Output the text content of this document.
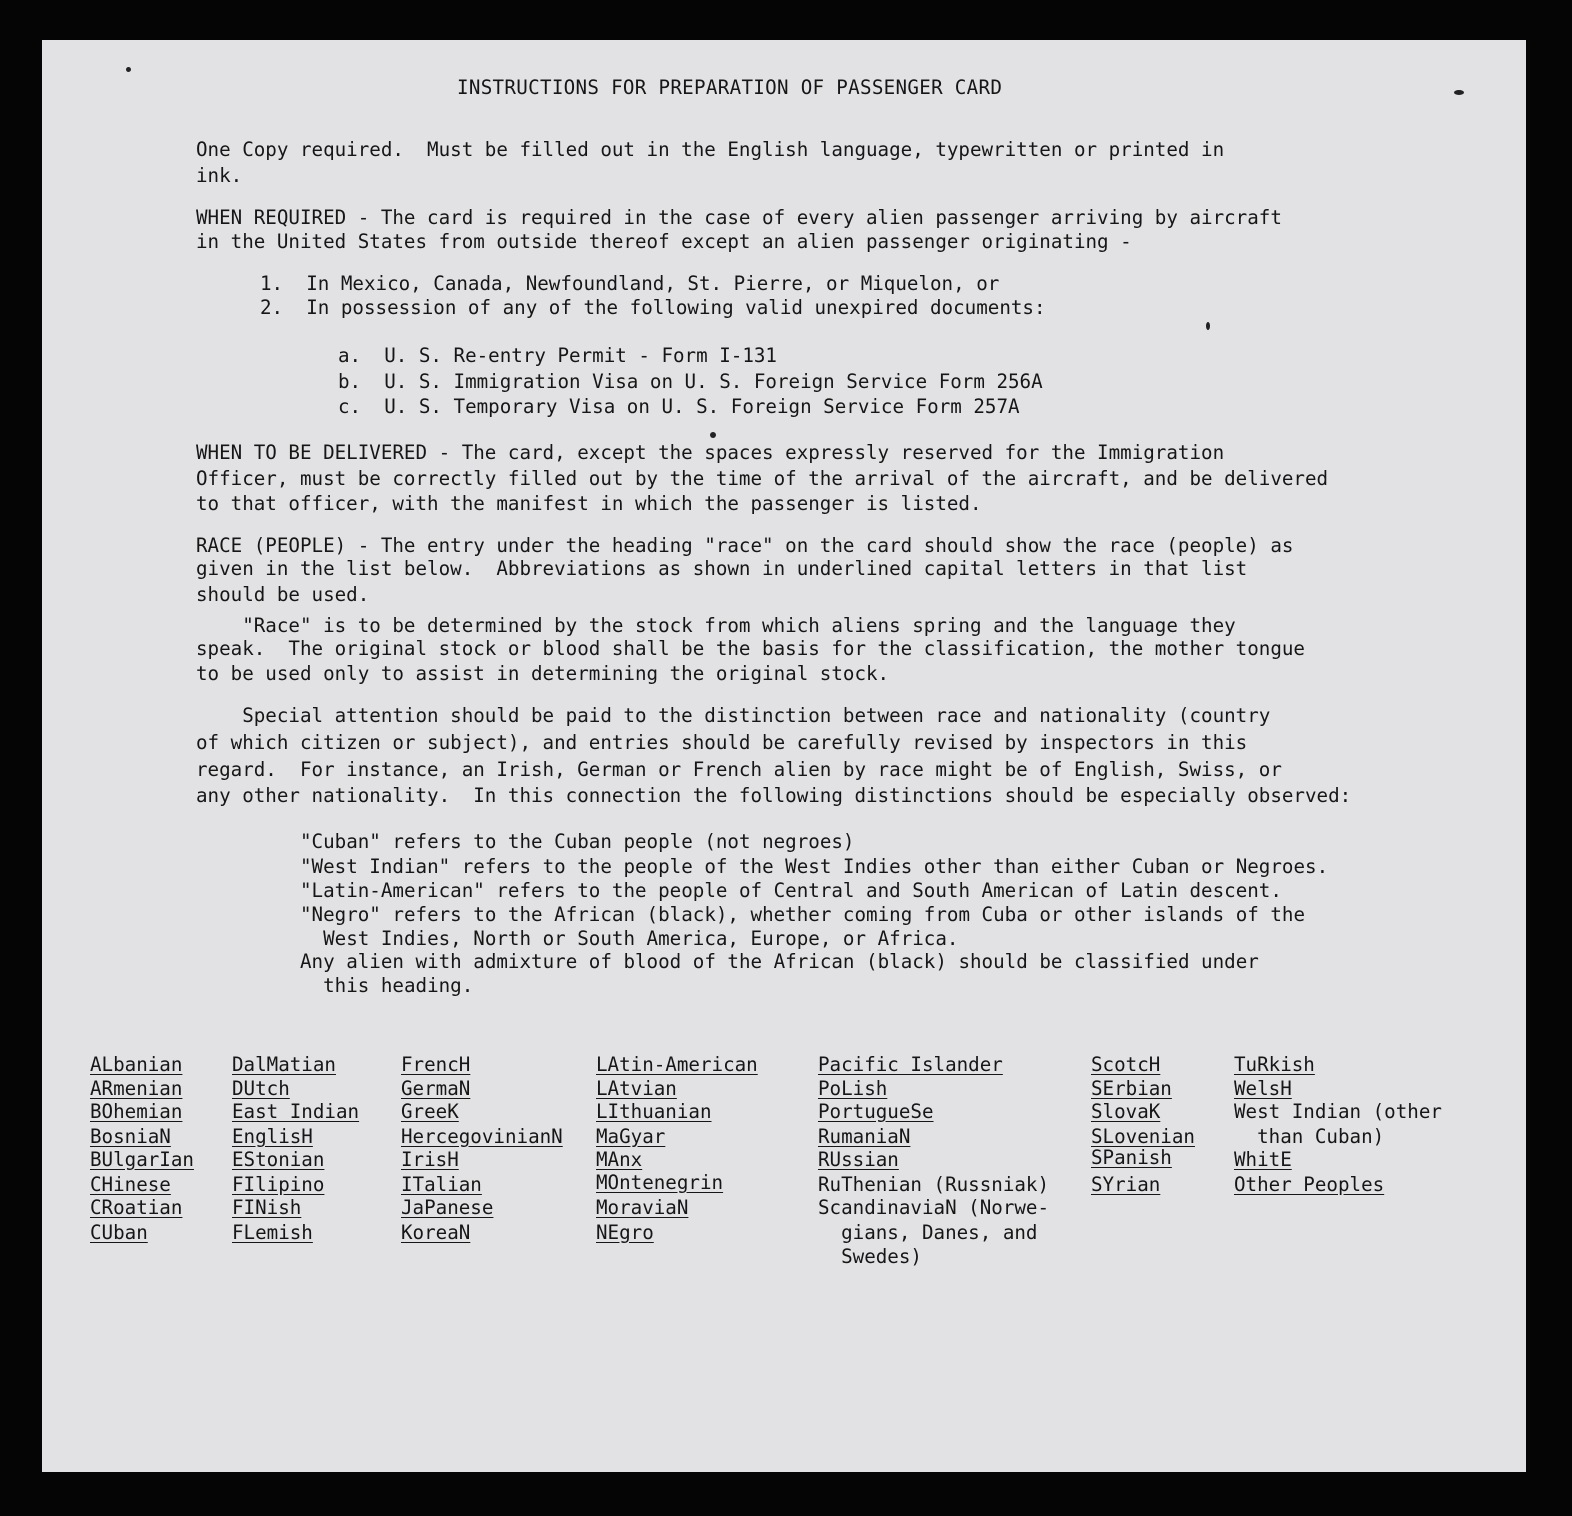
INSTRUCTIONS FOR PREPARATION OF PASSENGER CARD
One Copy required.  Must be filled out in the English language, typewritten or printed in
ink.
WHEN REQUIRED - The card is required in the case of every alien passenger arriving by aircraft
in the United States from outside thereof except an alien passenger originating -
1.  In Mexico, Canada, Newfoundland, St. Pierre, or Miquelon, or
2.  In possession of any of the following valid unexpired documents:
a.  U. S. Re-entry Permit - Form I-131
b.  U. S. Immigration Visa on U. S. Foreign Service Form 256A
c.  U. S. Temporary Visa on U. S. Foreign Service Form 257A
WHEN TO BE DELIVERED - The card, except the spaces expressly reserved for the Immigration
Officer, must be correctly filled out by the time of the arrival of the aircraft, and be delivered
to that officer, with the manifest in which the passenger is listed.
RACE (PEOPLE) - The entry under the heading "race" on the card should show the race (people) as
given in the list below.  Abbreviations as shown in underlined capital letters in that list
should be used.
"Race" is to be determined by the stock from which aliens spring and the language they
speak.  The original stock or blood shall be the basis for the classification, the mother tongue
to be used only to assist in determining the original stock.
Special attention should be paid to the distinction between race and nationality (country
of which citizen or subject), and entries should be carefully revised by inspectors in this
regard.  For instance, an Irish, German or French alien by race might be of English, Swiss, or
any other nationality.  In this connection the following distinctions should be especially observed:
"Cuban" refers to the Cuban people (not negroes)
"West Indian" refers to the people of the West Indies other than either Cuban or Negroes.
"Latin-American" refers to the people of Central and South American of Latin descent.
"Negro" refers to the African (black), whether coming from Cuba or other islands of the
West Indies, North or South America, Europe, or Africa.
Any alien with admixture of blood of the African (black) should be classified under
this heading.
ALbanian
ARmenian
BOhemian
BosniaN
BUlgarIan
CHinese
CRoatian
CUban
DalMatian
DUtch
East Indian
EnglisH
EStonian
FIlipino
FINish
FLemish
FrencH
GermaN
GreeK
HercegovinianN
IrisH
ITalian
JaPanese
KoreaN
LAtin-American
LAtvian
LIthuanian
MaGyar
MAnx
MOntenegrin
MoraviaN
NEgro
Pacific Islander
PoLish
PortugueSe
RumaniaN
RUssian
RuThenian (Russniak)
ScandinaviaN (Norwe-
gians, Danes, and
Swedes)
ScotcH
SErbian
SlovaK
SLovenian
SPanish
SYrian
TuRkish
WelsH
West Indian (other
than Cuban)
WhitE
Other Peoples
